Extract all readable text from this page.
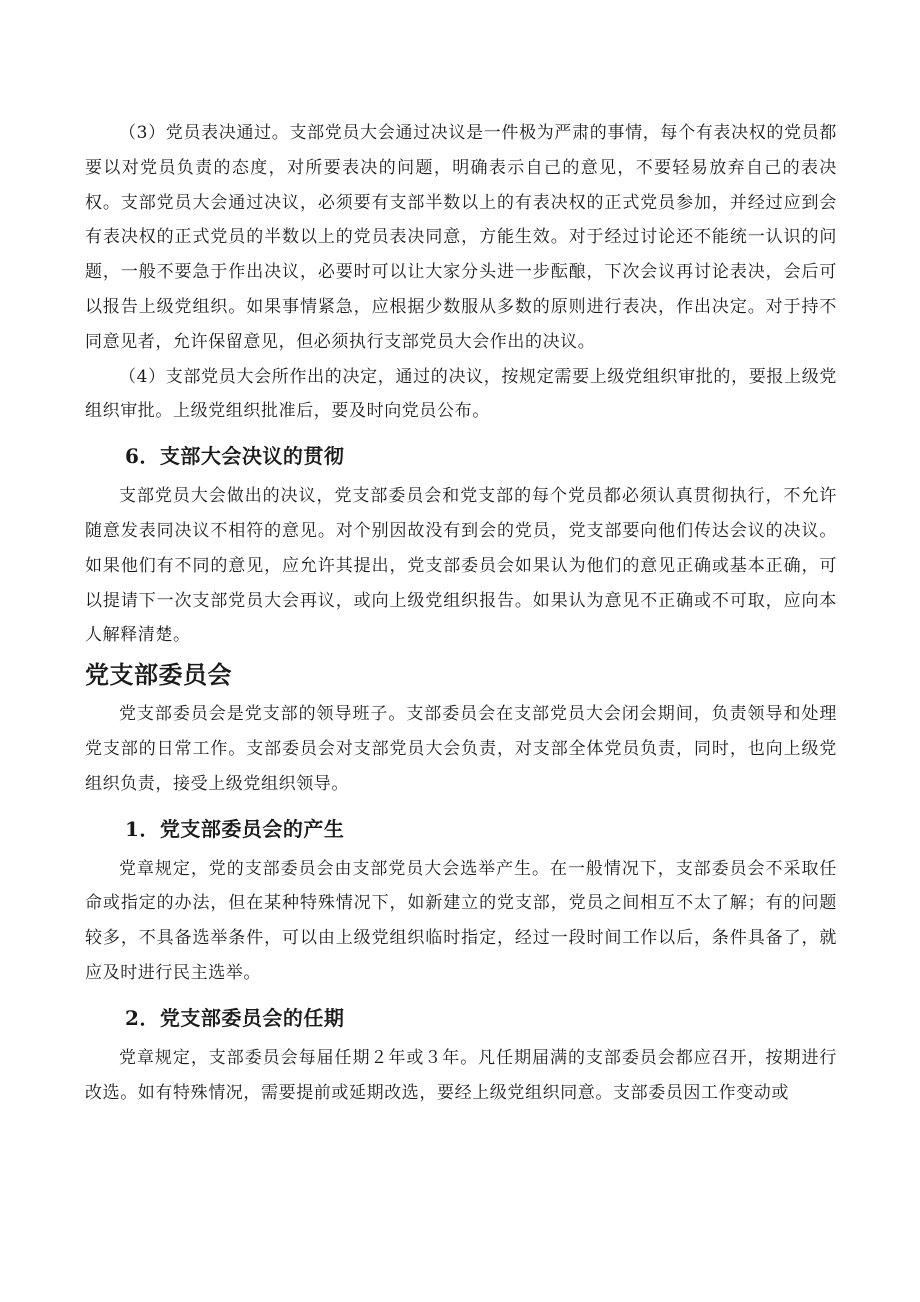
（3）党员表决通过。支部党员大会通过决议是一件极为严肃的事情，每个有表决权的党员都要以对党员负责的态度，对所要表决的问题，明确表示自己的意见，不要轻易放弃自己的表决权。支部党员大会通过决议，必须要有支部半数以上的有表决权的正式党员参加，并经过应到会有表决权的正式党员的半数以上的党员表决同意，方能生效。对于经过讨论还不能统一认识的问题，一般不要急于作出决议，必要时可以让大家分头进一步酝酿，下次会议再讨论表决，会后可以报告上级党组织。如果事情紧急，应根据少数服从多数的原则进行表决，作出决定。对于持不同意见者，允许保留意见，但必须执行支部党员大会作出的决议。

（4）支部党员大会所作出的决定，通过的决议，按规定需要上级党组织审批的，要报上级党组织审批。上级党组织批准后，要及时向党员公布。

6．支部大会决议的贯彻

支部党员大会做出的决议，党支部委员会和党支部的每个党员都必须认真贯彻执行，不允许随意发表同决议不相符的意见。对个别因故没有到会的党员，党支部要向他们传达会议的决议。如果他们有不同的意见，应允许其提出，党支部委员会如果认为他们的意见正确或基本正确，可以提请下一次支部党员大会再议，或向上级党组织报告。如果认为意见不正确或不可取，应向本人解释清楚。

党支部委员会

党支部委员会是党支部的领导班子。支部委员会在支部党员大会闭会期间，负责领导和处理党支部的日常工作。支部委员会对支部党员大会负责，对支部全体党员负责，同时，也向上级党组织负责，接受上级党组织领导。

1．党支部委员会的产生

党章规定，党的支部委员会由支部党员大会选举产生。在一般情况下，支部委员会不采取任命或指定的办法，但在某种特殊情况下，如新建立的党支部，党员之间相互不太了解；有的问题较多，不具备选举条件，可以由上级党组织临时指定，经过一段时间工作以后，条件具备了，就应及时进行民主选举。

2．党支部委员会的任期

党章规定，支部委员会每届任期２年或３年。凡任期届满的支部委员会都应召开，按期进行改选。如有特殊情况，需要提前或延期改选，要经上级党组织同意。支部委员因工作变动或
